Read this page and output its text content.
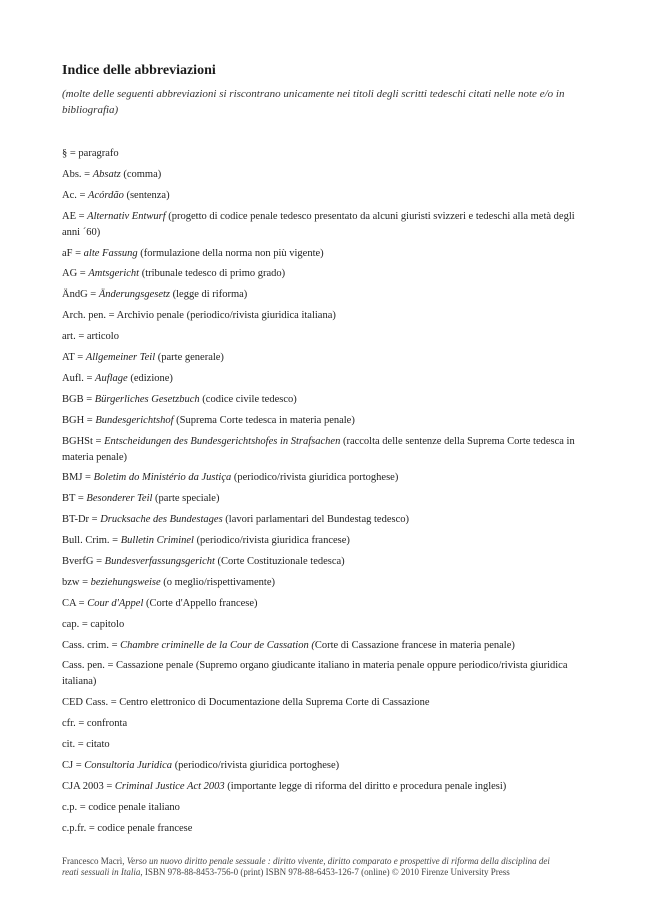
Indice delle abbreviazioni
(molte delle seguenti abbreviazioni si riscontrano unicamente nei titoli degli scritti tedeschi citati nelle note e/o in bibliografia)
§ = paragrafo
Abs. = Absatz (comma)
Ac. = Acórdão (sentenza)
AE = Alternativ Entwurf (progetto di codice penale tedesco presentato da alcuni giuristi svizzeri e tedeschi alla metà degli anni ´60)
aF = alte Fassung (formulazione della norma non più vigente)
AG = Amtsgericht (tribunale tedesco di primo grado)
ÄndG = Änderungsgesetz (legge di riforma)
Arch. pen. = Archivio penale (periodico/rivista giuridica italiana)
art. = articolo
AT = Allgemeiner Teil (parte generale)
Aufl. = Auflage (edizione)
BGB = Bürgerliches Gesetzbuch (codice civile tedesco)
BGH = Bundesgerichtshof (Suprema Corte tedesca in materia penale)
BGHSt = Entscheidungen des Bundesgerichtshofes in Strafsachen (raccolta delle sentenze della Suprema Corte tedesca in materia penale)
BMJ = Boletim do Ministério da Justiça (periodico/rivista giuridica portoghese)
BT = Besonderer Teil (parte speciale)
BT-Dr = Drucksache des Bundestages (lavori parlamentari del Bundestag tedesco)
Bull. Crim. = Bulletin Criminel (periodico/rivista giuridica francese)
BverfG = Bundesverfassungsgericht (Corte Costituzionale tedesca)
bzw = beziehungsweise (o meglio/rispettivamente)
CA = Cour d'Appel (Corte d'Appello francese)
cap. = capitolo
Cass. crim. = Chambre criminelle de la Cour de Cassation (Corte di Cassazione francese in materia penale)
Cass. pen. = Cassazione penale (Supremo organo giudicante italiano in materia penale oppure periodico/rivista giuridica italiana)
CED Cass. = Centro elettronico di Documentazione della Suprema Corte di Cassazione
cfr. = confronta
cit. = citato
CJ = Consultoria Juridica (periodico/rivista giuridica portoghese)
CJA 2003 = Criminal Justice Act 2003 (importante legge di riforma del diritto e procedura penale inglesi)
c.p. = codice penale italiano
c.p.fr. = codice penale francese
Francesco Macrì, Verso un nuovo diritto penale sessuale : diritto vivente, diritto comparato e prospettive di riforma della disciplina dei reati sessuali in Italia, ISBN 978-88-8453-756-0 (print) ISBN 978-88-6453-126-7 (online) © 2010 Firenze University Press
